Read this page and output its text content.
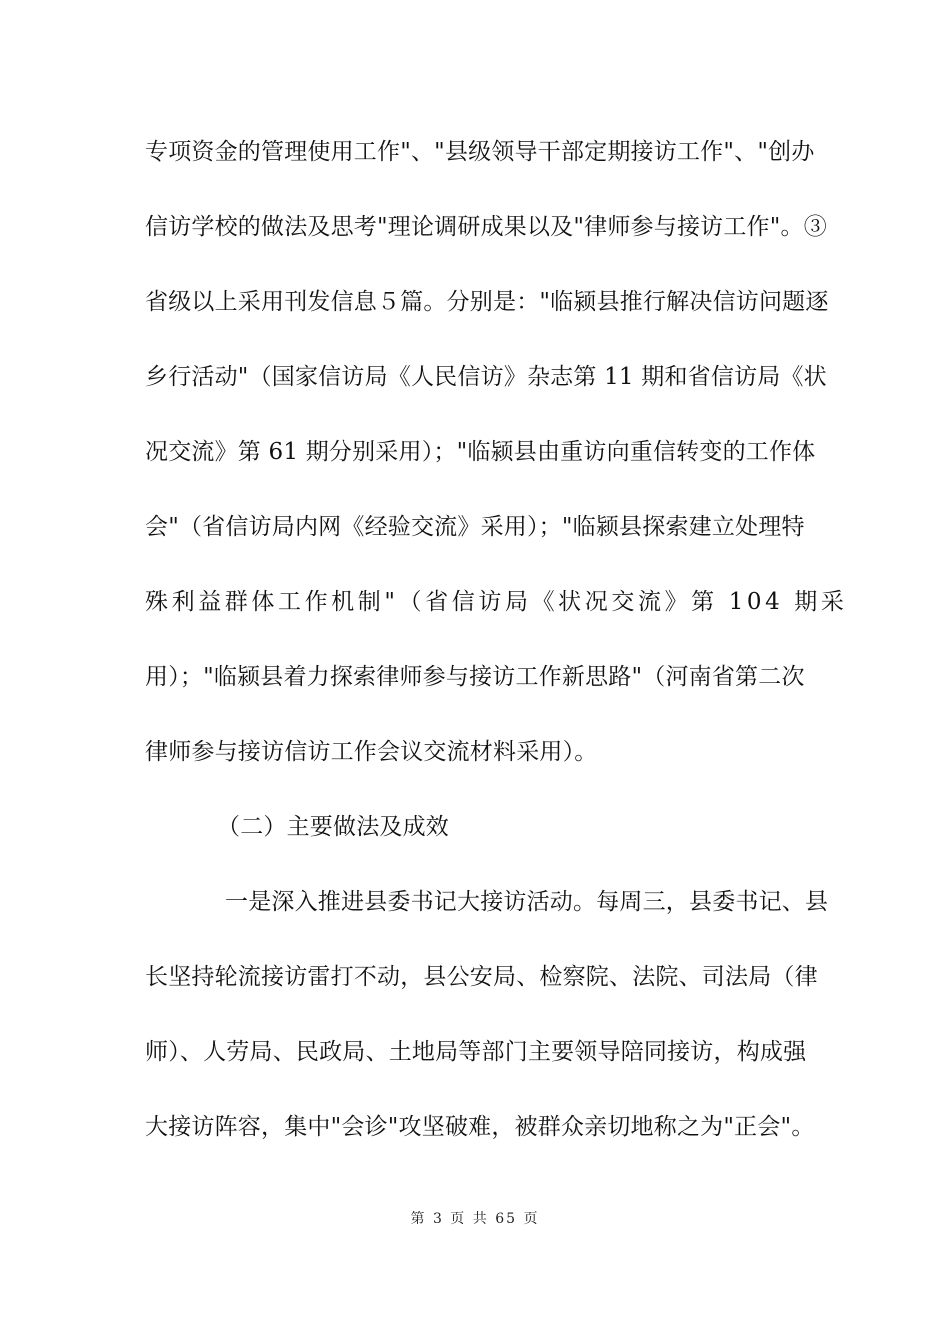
专项资金的管理使用工作"、"县级领导干部定期接访工作"、"创办
信访学校的做法及思考"理论调研成果以及"律师参与接访工作"。③
省级以上采用刊发信息５篇。分别是："临颍县推行解决信访问题逐
乡行活动"（国家信访局《人民信访》杂志第 11 期和省信访局《状
况交流》第 61 期分别采用）；"临颍县由重访向重信转变的工作体
会"（省信访局内网《经验交流》采用）；"临颍县探索建立处理特
殊利益群体工作机制"（省信访局《状况交流》第 104 期采
用）；"临颍县着力探索律师参与接访工作新思路"（河南省第二次
律师参与接访信访工作会议交流材料采用）。
（二）主要做法及成效
一是深入推进县委书记大接访活动。每周三，县委书记、县
长坚持轮流接访雷打不动，县公安局、检察院、法院、司法局（律
师）、人劳局、民政局、土地局等部门主要领导陪同接访，构成强
大接访阵容，集中"会诊"攻坚破难，被群众亲切地称之为"正会"。
第 3 页 共 65 页
